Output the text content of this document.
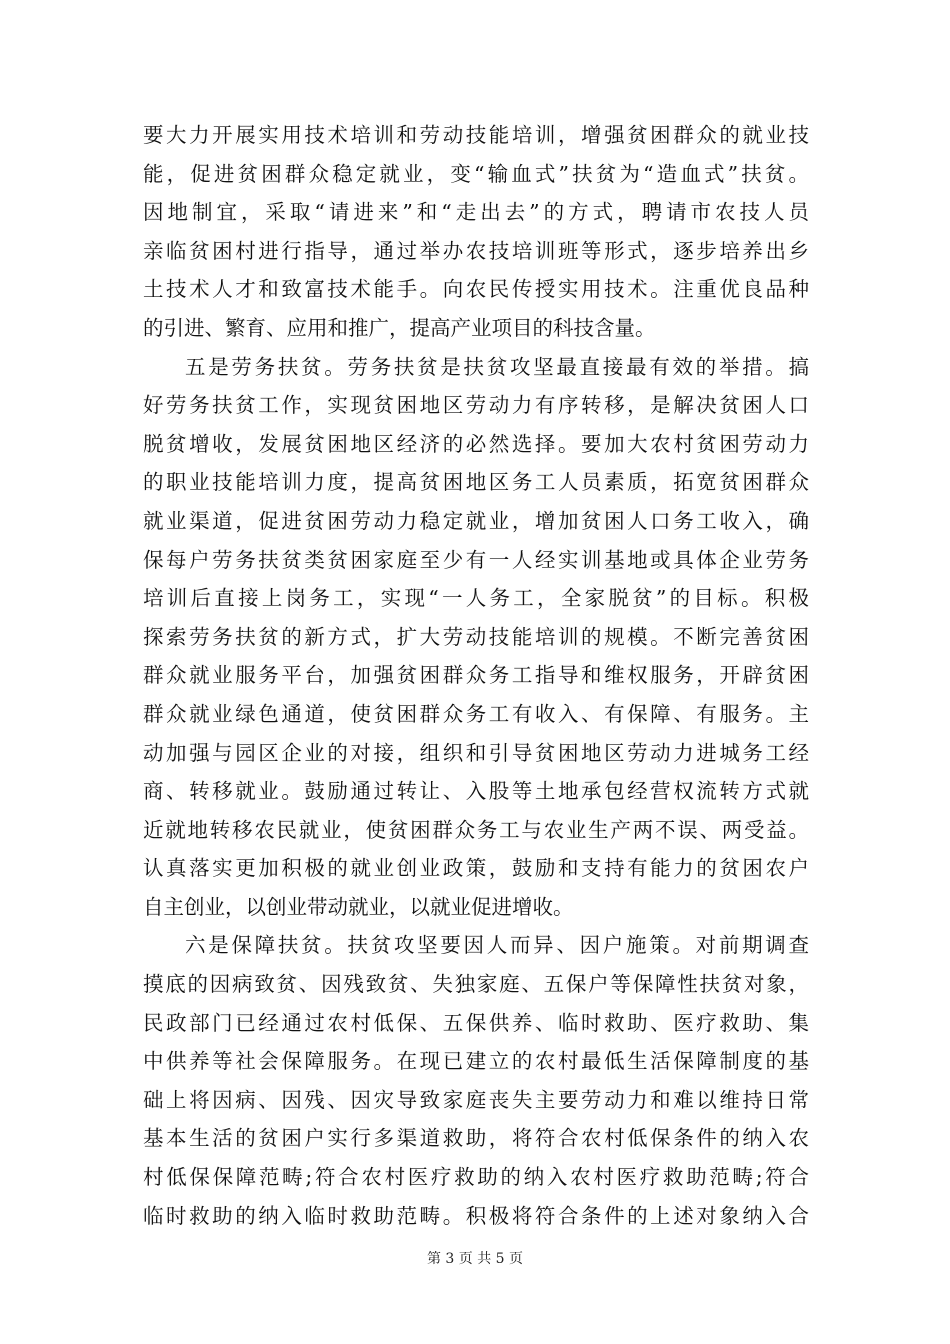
要大力开展实用技术培训和劳动技能培训，增强贫困群众的就业技
能，促进贫困群众稳定就业，变“输血式”扶贫为“造血式”扶贫。
因地制宜，采取“请进来”和“走出去”的方式，聘请市农技人员
亲临贫困村进行指导，通过举办农技培训班等形式，逐步培养出乡
土技术人才和致富技术能手。向农民传授实用技术。注重优良品种
的引进、繁育、应用和推广，提高产业项目的科技含量。
五是劳务扶贫。劳务扶贫是扶贫攻坚最直接最有效的举措。搞
好劳务扶贫工作，实现贫困地区劳动力有序转移，是解决贫困人口
脱贫增收，发展贫困地区经济的必然选择。要加大农村贫困劳动力
的职业技能培训力度，提高贫困地区务工人员素质，拓宽贫困群众
就业渠道，促进贫困劳动力稳定就业，增加贫困人口务工收入，确
保每户劳务扶贫类贫困家庭至少有一人经实训基地或具体企业劳务
培训后直接上岗务工，实现“一人务工，全家脱贫”的目标。积极
探索劳务扶贫的新方式，扩大劳动技能培训的规模。不断完善贫困
群众就业服务平台，加强贫困群众务工指导和维权服务，开辟贫困
群众就业绿色通道，使贫困群众务工有收入、有保障、有服务。主
动加强与园区企业的对接，组织和引导贫困地区劳动力进城务工经
商、转移就业。鼓励通过转让、入股等土地承包经营权流转方式就
近就地转移农民就业，使贫困群众务工与农业生产两不误、两受益。
认真落实更加积极的就业创业政策，鼓励和支持有能力的贫困农户
自主创业，以创业带动就业，以就业促进增收。
六是保障扶贫。扶贫攻坚要因人而异、因户施策。对前期调查
摸底的因病致贫、因残致贫、失独家庭、五保户等保障性扶贫对象，
民政部门已经通过农村低保、五保供养、临时救助、医疗救助、集
中供养等社会保障服务。在现已建立的农村最低生活保障制度的基
础上将因病、因残、因灾导致家庭丧失主要劳动力和难以维持日常
基本生活的贫困户实行多渠道救助，将符合农村低保条件的纳入农
村低保保障范畴;符合农村医疗救助的纳入农村医疗救助范畴;符合
临时救助的纳入临时救助范畴。积极将符合条件的上述对象纳入合
第 3 页 共 5 页
